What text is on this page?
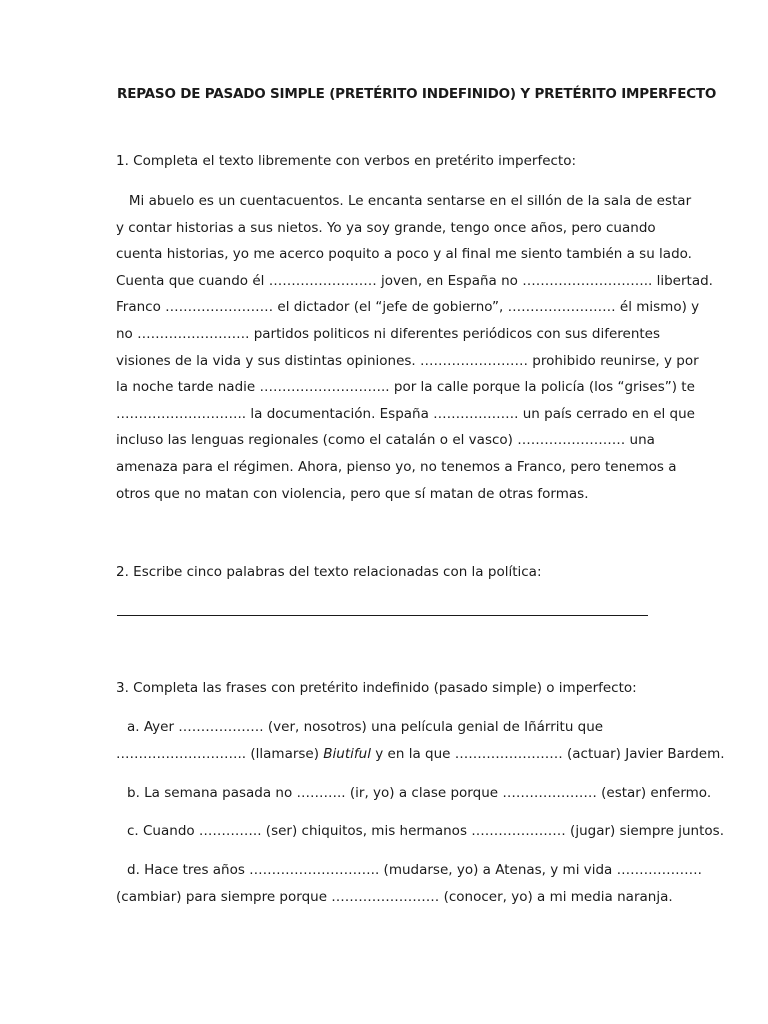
REPASO DE PASADO SIMPLE (PRETÉRITO INDEFINIDO) Y PRETÉRITO IMPERFECTO
1. Completa el texto libremente con verbos en pretérito imperfecto:
Mi abuelo es un cuentacuentos. Le encanta sentarse en el sillón de la sala de estar
y contar historias a sus nietos. Yo ya soy grande, tengo once años, pero cuando
cuenta historias, yo me acerco poquito a poco y al final me siento también a su lado.
Cuenta que cuando él …………………… joven, en España no ……………………….. libertad.
Franco …………………… el dictador (el “jefe de gobierno”, …………………… él mismo) y
no ……………………. partidos politicos ni diferentes periódicos con sus diferentes
visiones de la vida y sus distintas opiniones. …………………… prohibido reunirse, y por
la noche tarde nadie ……………………….. por la calle porque la policía (los “grises”) te
……………………….. la documentación. España ………………. un país cerrado en el que
incluso las lenguas regionales (como el catalán o el vasco) …………………… una
amenaza para el régimen. Ahora, pienso yo, no tenemos a Franco, pero tenemos a
otros que no matan con violencia, pero que sí matan de otras formas.
2. Escribe cinco palabras del texto relacionadas con la política:
3. Completa las frases con pretérito indefinido (pasado simple) o imperfecto:
a. Ayer ………………. (ver, nosotros) una película genial de Iñárritu que
……………………….. (llamarse) Biutiful y en la que …………………… (actuar) Javier Bardem.
b. La semana pasada no ……….. (ir, yo) a clase porque ………………… (estar) enfermo.
c. Cuando ………….. (ser) chiquitos, mis hermanos ………………… (jugar) siempre juntos.
d. Hace tres años ……………………….. (mudarse, yo) a Atenas, y mi vida ……………….
(cambiar) para siempre porque …………………… (conocer, yo) a mi media naranja.
